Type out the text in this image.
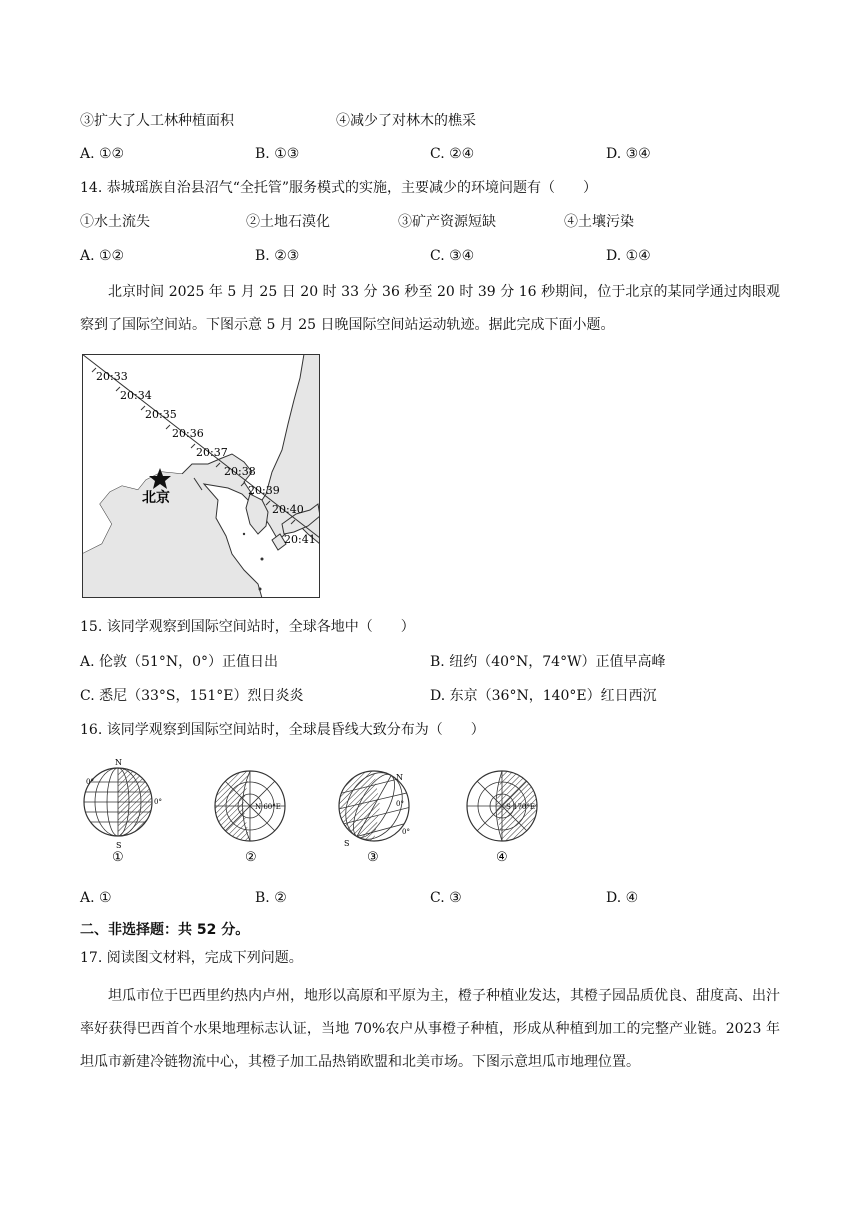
③扩大了人工林种植面积	④减少了对林木的樵采
A. ①②	B. ①③	C. ②④	D. ③④
14. 恭城瑶族自治县沼气“全托管”服务模式的实施，主要减少的环境问题有（　　）
①水土流失	②土地石漠化	③矿产资源短缺	④土壤污染
A. ①②	B. ②③	C. ③④	D. ①④
北京时间 2025 年 5 月 25 日 20 时 33 分 36 秒至 20 时 39 分 16 秒期间，位于北京的某同学通过肉眼观察到了国际空间站。下图示意 5 月 25 日晚国际空间站运动轨迹。据此完成下面小题。
20:33
20:34
20:35
20:36
20:37
20:38
20:39
20:40
20:41
北京
15. 该同学观察到国际空间站时，全球各地中（　　）
A. 伦敦（51°N，0°）正值日出	B. 纽约（40°N，74°W）正值早高峰
C. 悉尼（33°S，151°E）烈日炎炎	D. 东京（36°N，140°E）红日西沉
16. 该同学观察到国际空间站时，全球晨昏线大致分布为（　　）
N
S
0°
0°
①
N 60°E
②
N
S
0°
0°
③
S 170°E
④
A. ①	B. ②	C. ③	D. ④
二、非选择题：共 52 分。
17. 阅读图文材料，完成下列问题。
坦瓜市位于巴西里约热内卢州，地形以高原和平原为主，橙子种植业发达，其橙子园品质优良、甜度高、出汁率好获得巴西首个水果地理标志认证，当地 70%农户从事橙子种植，形成从种植到加工的完整产业链。2023 年坦瓜市新建冷链物流中心，其橙子加工品热销欧盟和北美市场。下图示意坦瓜市地理位置。
